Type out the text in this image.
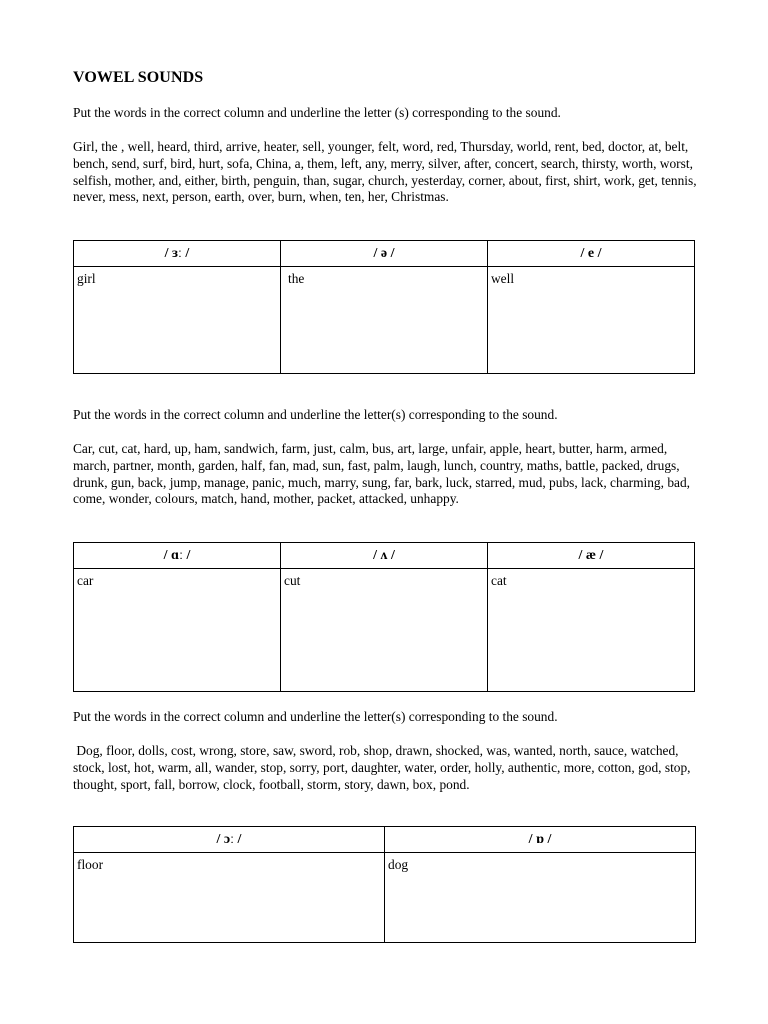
VOWEL SOUNDS
Put the words in the correct column and underline the letter (s) corresponding to the sound.
Girl, the , well, heard, third, arrive, heater, sell, younger, felt, word, red, Thursday, world, rent, bed, doctor, at, belt, bench, send, surf, bird, hurt, sofa, China, a, them, left, any, merry, silver, after, concert, search, thirsty, worth, worst, selfish, mother, and, either, birth, penguin, than, sugar, church, yesterday, corner, about, first, shirt, work, get, tennis, never, mess, next, person, earth, over, burn, when, ten, her, Christmas.
/ ɜː /	/ ə /	/ e /

girl	the	well
Put the words in the correct column and underline the letter(s) corresponding to the sound.
Car, cut, cat, hard, up, ham, sandwich, farm, just, calm, bus, art, large, unfair, apple, heart, butter, harm, armed, march, partner, month, garden, half, fan, mad, sun, fast, palm, laugh, lunch, country, maths, battle, packed, drugs, drunk, gun, back, jump, manage, panic, much, marry, sung, far, bark, luck, starred, mud, pubs, lack, charming, bad, come, wonder, colours, match, hand, mother, packet, attacked, unhappy.
/ ɑː /	/ ʌ /	/ æ /

car	cut	cat
Put the words in the correct column and underline the letter(s) corresponding to the sound.
Dog, floor, dolls, cost, wrong, store, saw, sword, rob, shop, drawn, shocked, was, wanted, north, sauce, watched, stock, lost, hot, warm, all, wander, stop, sorry, port, daughter, water, order, holly, authentic, more, cotton, god, stop, thought, sport, fall, borrow, clock, football, storm, story, dawn, box, pond.
/ ɔː /	/ ɒ /

floor	dog
